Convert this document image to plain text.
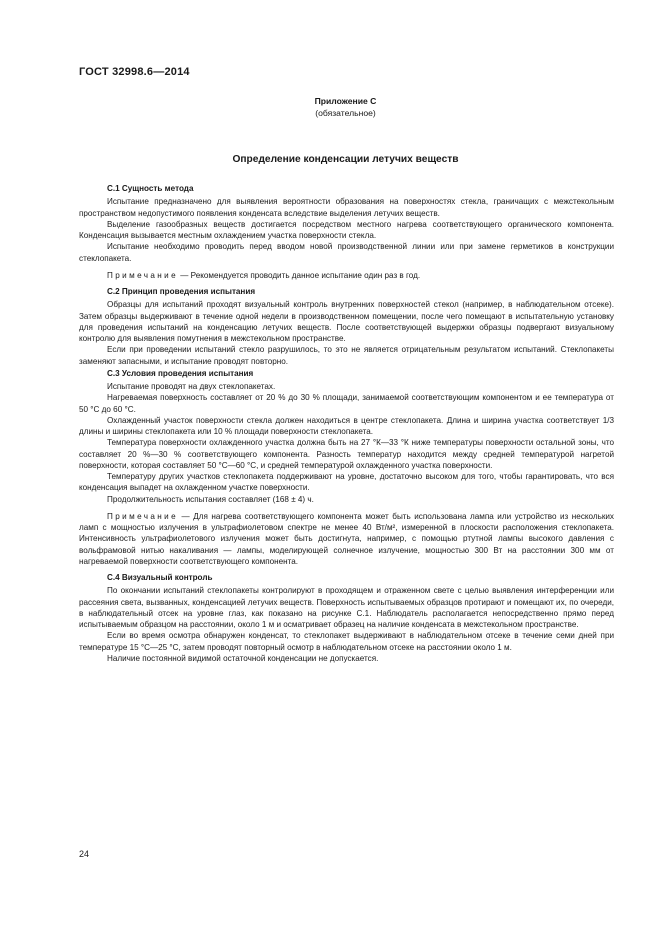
ГОСТ 32998.6—2014
Приложение С
(обязательное)
Определение конденсации летучих веществ

С.1 Сущность метода

Испытание предназначено для выявления вероятности образования на поверхностях стекла, граничащих с межстекольным пространством недопустимого появления конденсата вследствие выделения летучих веществ.

Выделение газообразных веществ достигается посредством местного нагрева соответствующего органического компонента. Конденсация вызывается местным охлаждением участка поверхности стекла.

Испытание необходимо проводить перед вводом новой производственной линии или при замене герметиков в конструкции стеклопакета.

Примечание — Рекомендуется проводить данное испытание один раз в год.

С.2 Принцип проведения испытания

Образцы для испытаний проходят визуальный контроль внутренних поверхностей стекол (например, в наблюдательном отсеке). Затем образцы выдерживают в течение одной недели в производственном помещении, после чего помещают в испытательную установку для проведения испытаний на конденсацию летучих веществ. После соответствующей выдержки образцы подвергают визуальному контролю для выявления помутнения в межстекольном пространстве.

Если при проведении испытаний стекло разрушилось, то это не является отрицательным результатом испытаний. Стеклопакеты заменяют запасными, и испытание проводят повторно.

С.3 Условия проведения испытания

Испытание проводят на двух стеклопакетах.

Нагреваемая поверхность составляет от 20 % до 30 % площади, занимаемой соответствующим компонентом и ее температура от 50 °С до 60 °С.

Охлажденный участок поверхности стекла должен находиться в центре стеклопакета. Длина и ширина участка соответствует 1/3 длины и ширины стеклопакета или 10 % площади поверхности стеклопакета.

Температура поверхности охлажденного участка должна быть на 27 °К—33 °К ниже температуры поверхности остальной зоны, что составляет 20 %—30 % соответствующего компонента. Разность температур находится между средней температурой нагретой поверхности, которая составляет 50 °С—60 °С, и средней температурой охлажденного участка поверхности.

Температуру других участков стеклопакета поддерживают на уровне, достаточно высоком для того, чтобы гарантировать, что вся конденсация выпадет на охлажденном участке поверхности.

Продолжительность испытания составляет (168 ± 4) ч.

Примечание — Для нагрева соответствующего компонента может быть использована лампа или устройство из нескольких ламп с мощностью излучения в ультрафиолетовом спектре не менее 40 Вт/м², измеренной в плоскости расположения стеклопакета. Интенсивность ультрафиолетового излучения может быть достигнута, например, с помощью ртутной лампы высокого давления с вольфрамовой нитью накаливания — лампы, моделирующей солнечное излучение, мощностью 300 Вт на расстоянии 300 мм от нагреваемой поверхности соответствующего компонента.

С.4 Визуальный контроль

По окончании испытаний стеклопакеты контролируют в проходящем и отраженном свете с целью выявления интерференции или рассеяния света, вызванных, конденсацией летучих веществ. Поверхность испытываемых образцов протирают и помещают их, по очереди, в наблюдательный отсек на уровне глаз, как показано на рисунке С.1. Наблюдатель располагается непосредственно прямо перед испытываемым образцом на расстоянии, около 1 м и осматривает образец на наличие конденсата в межстекольном пространстве.

Если во время осмотра обнаружен конденсат, то стеклопакет выдерживают в наблюдательном отсеке в течение семи дней при температуре 15 °С—25 °С, затем проводят повторный осмотр в наблюдательном отсеке на расстоянии около 1 м.

Наличие постоянной видимой остаточной конденсации не допускается.

24
